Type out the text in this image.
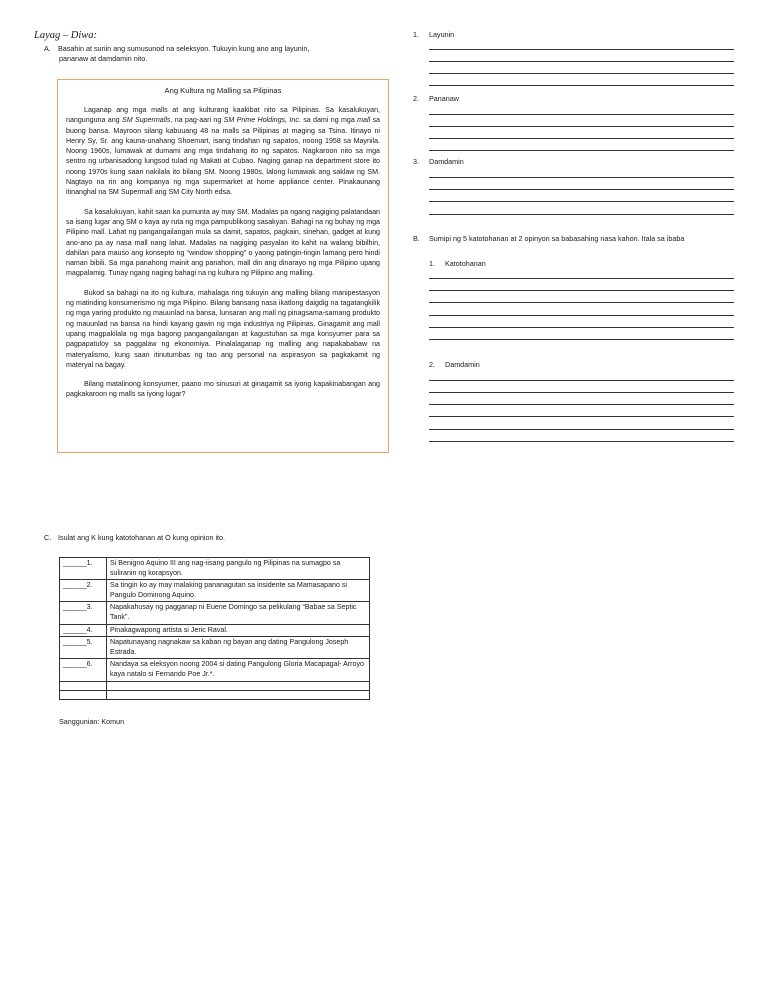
Layag – Diwa:
A. Basahin at suriin ang sumusunod na seleksyon. Tukuyin kung ano ang layunin,
pananaw at damdamin nito.
Ang Kultura ng Malling sa Pilipinas

Laganap ang mga malls at ang kulturang kaakibat nito sa Pilipinas. Sa kasalukuyan, nangunguna ang SM Supermalls, na pag-aari ng SM Prime Holdings, Inc. sa dami ng mga mall sa buong bansa. Mayroon silang kabuuang 48 na malls sa Pilipinas at maging sa Tsina. Itinayo ni Henry Sy, Sr. ang kauna-unahang Shoemart, isang tindahan ng sapatos, noong 1958 sa Maynila. Noong 1960s, lumawak at dumami ang mga tindahang ito ng sapatos. Nagkaroon nito sa mga sentro ng urbanisadong lungsod tulad ng Makati at Cubao. Naging ganap na department store ito noong 1970s kung saan nakilala ito bilang SM. Noong 1980s, lalong lumawak ang saklaw ng SM. Nagtayo na rin ang kompanya ng mga supermarket at home appliance center. Pinakaunang itinanghal na SM Supermall ang SM City North edsa.

Sa kasalukuyan, kahit saan ka pumunta ay may SM. Madalas pa ngang nagiging palatandaan sa isang lugar ang SM o kaya ay ruta ng mga pampublikong sasakyan. Bahagi na ng buhay ng mga Pilipino mall. Lahat ng pangangailangan mula sa damit, sapatos, pagkain, sinehan, gadget at kung ano-ano pa ay nasa mall nang lahat. Madalas na nagiging pasyalan ito kahit na walang bibilhin, dahilan para mauso ang konsepto ng “window shopping” o yaong patingin-tingin lamang pero hindi naman bibili. Sa mga panahong mainit ang panahon, mall din ang dinarayo ng mga Pilipino upang magpalamig. Tunay ngang naging bahagi na ng kultura ng Pilipino ang malling.

Bukod sa bahagi na ito ng kultura, mahalaga ring tukuyin ang malling bilang manipestasyon ng matinding konsumerismo ng mga Pilipino. Bilang bansang nasa ikatlong daigdig na tagatangkilik ng mga yaring produkto ng mauunlad na bansa, lunsaran ang mall ng pinagsama-samang produkto ng mauunlad na bansa na hindi kayang gawin ng mga industriya ng Pilipinas. Ginagamit ang mall upang magpakilala ng mga bagong pangangailangan at kagustuhan sa mga konsyumer para sa pagpapatuloy sa paggalaw ng ekonomiya. Pinalalaganap ng malling ang napakababaw na materyalismo, kung saan itinutumbas ng tao ang personal na aspirasyon sa pagkakamit ng materyal na bagay.

Bilang matalinong konsyumer, paano mo sinusuri at ginagamit sa iyong kapakinabangan ang pagkakaroon ng malls sa iyong lugar?

1. Layunin
2. Pananaw
3. Damdamin
B. Sumipi ng 5 katotohanan at 2 opinyon sa babasahing nasa kahon. Itala sa ibaba
1. Katotohanan
2. Damdamin
C. Isulat ang K kung katotohanan at O kung opinion ito.
______1.	Si Benigno Aquino III ang nag-iisang pangulo ng Pilipinas na sumagpo sa suliranin ng korapsyon.
______2.	Sa tingin ko ay may malaking pananagutan sa insidente sa Mamasapano si Pangulo Dominong Aquino.
______3.	Napakahusay ng pagganap ni Euene Domingo sa pelikulang “Babae sa Septic Tank”.
______4.	Pinakagwapong artista si Jeric Raval.
______5.	Napatunayang nagnakaw sa kaban ng bayan ang dating Pangulong Joseph Estrada.
______6.	Nandaya sa eleksyon noong 2004 si dating Pangulong Gloria Macapagal- Arroyo kaya natalo si Fernando Poe Jr.*.

Sanggunian: Komun
